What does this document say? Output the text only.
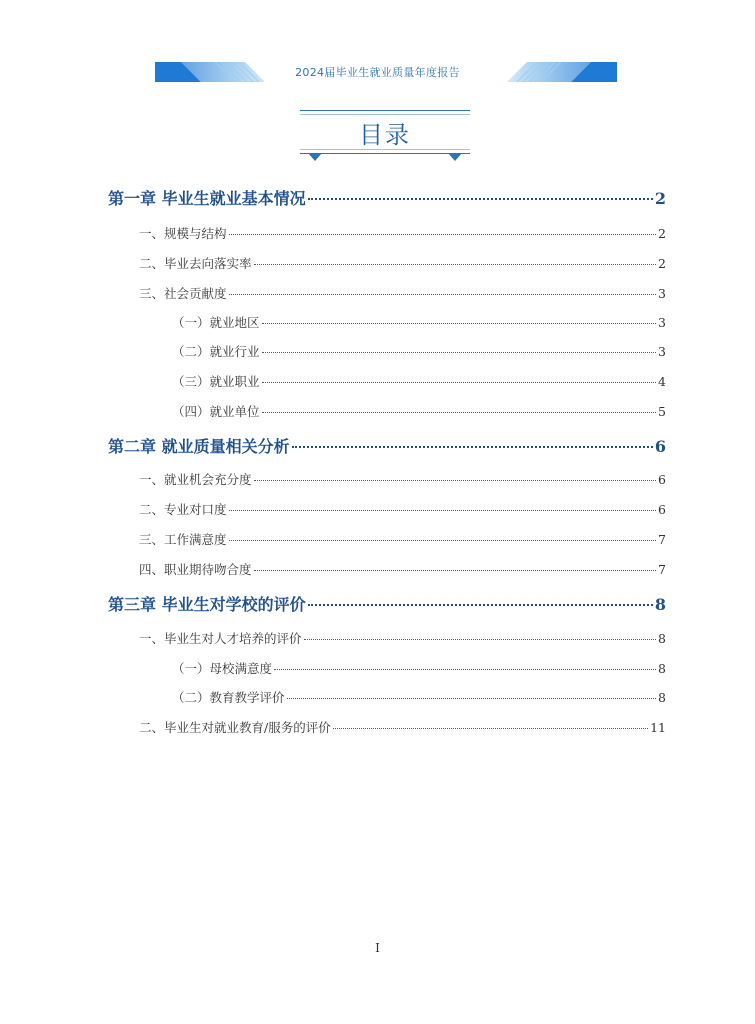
2024届毕业生就业质量年度报告
目录
第一章 毕业生就业基本情况	2
一、规模与结构	2
二、毕业去向落实率	2
三、社会贡献度	3
（一）就业地区	3
（二）就业行业	3
（三）就业职业	4
（四）就业单位	5
第二章 就业质量相关分析	6
一、就业机会充分度	6
二、专业对口度	6
三、工作满意度	7
四、职业期待吻合度	7
第三章 毕业生对学校的评价	8
一、毕业生对人才培养的评价	8
（一）母校满意度	8
（二）教育教学评价	8
二、毕业生对就业教育/服务的评价	11
I
